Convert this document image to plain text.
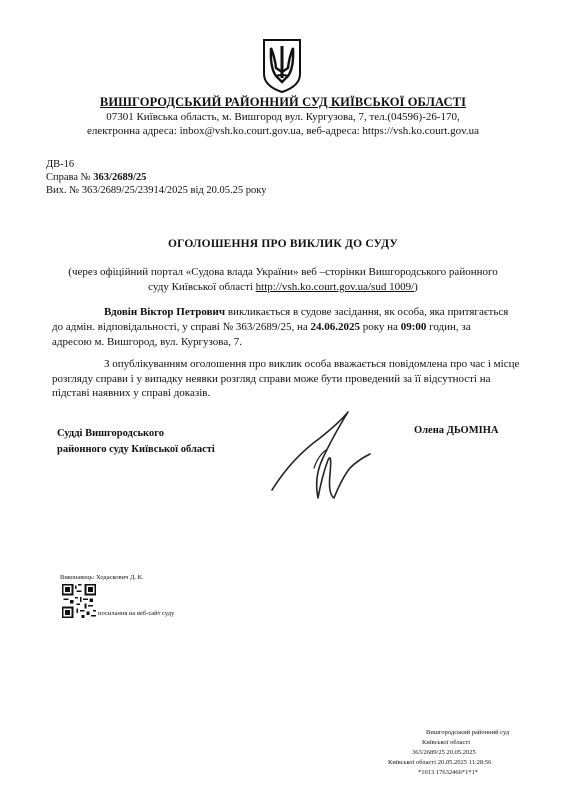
ВИШГОРОДСЬКИЙ РАЙОННИЙ СУД КИЇВСЬКОЇ ОБЛАСТІ
07301 Київська область, м. Вишгород вул. Кургузова, 7, тел.(04596)-26-170,
електронна адреса: inbox@vsh.ko.court.gov.ua, веб-адреса: https://vsh.ko.court.gov.ua
ДВ-16
Справа № 363/2689/25
Вих. № 363/2689/25/23914/2025 від 20.05.25 року
ОГОЛОШЕННЯ ПРО ВИКЛИК ДО СУДУ
(через офіційний портал «Судова влада України» веб –сторінки Вишгородського районного
суду Київської області http://vsh.ko.court.gov.ua/sud 1009/)
Вдовін Віктор Петрович викликається в судове засідання, як особа, яка притягається
до адмін. відповідальності, у справі № 363/2689/25, на 24.06.2025 року на 09:00 годин, за
адресою м. Вишгород, вул. Кургузова, 7.
З опублікуванням оголошення про виклик особа вважається повідомлена про час і місце
розгляду справи і у випадку неявки розгляд справи може бути проведений за її відсутності на
підставі наявних у справі доказів.
Судді Вишгородського
районного суду Київської області
Олена ДЬОМІНА
Виконавець: Ходаскович Д. К.
посилання на веб-сайт суду
Вишгородський районний суд
Київської області
363/2689/25 20.05.2025
Київської області 20.05.2025 11:28:56
*1013 17632466*1*1*
